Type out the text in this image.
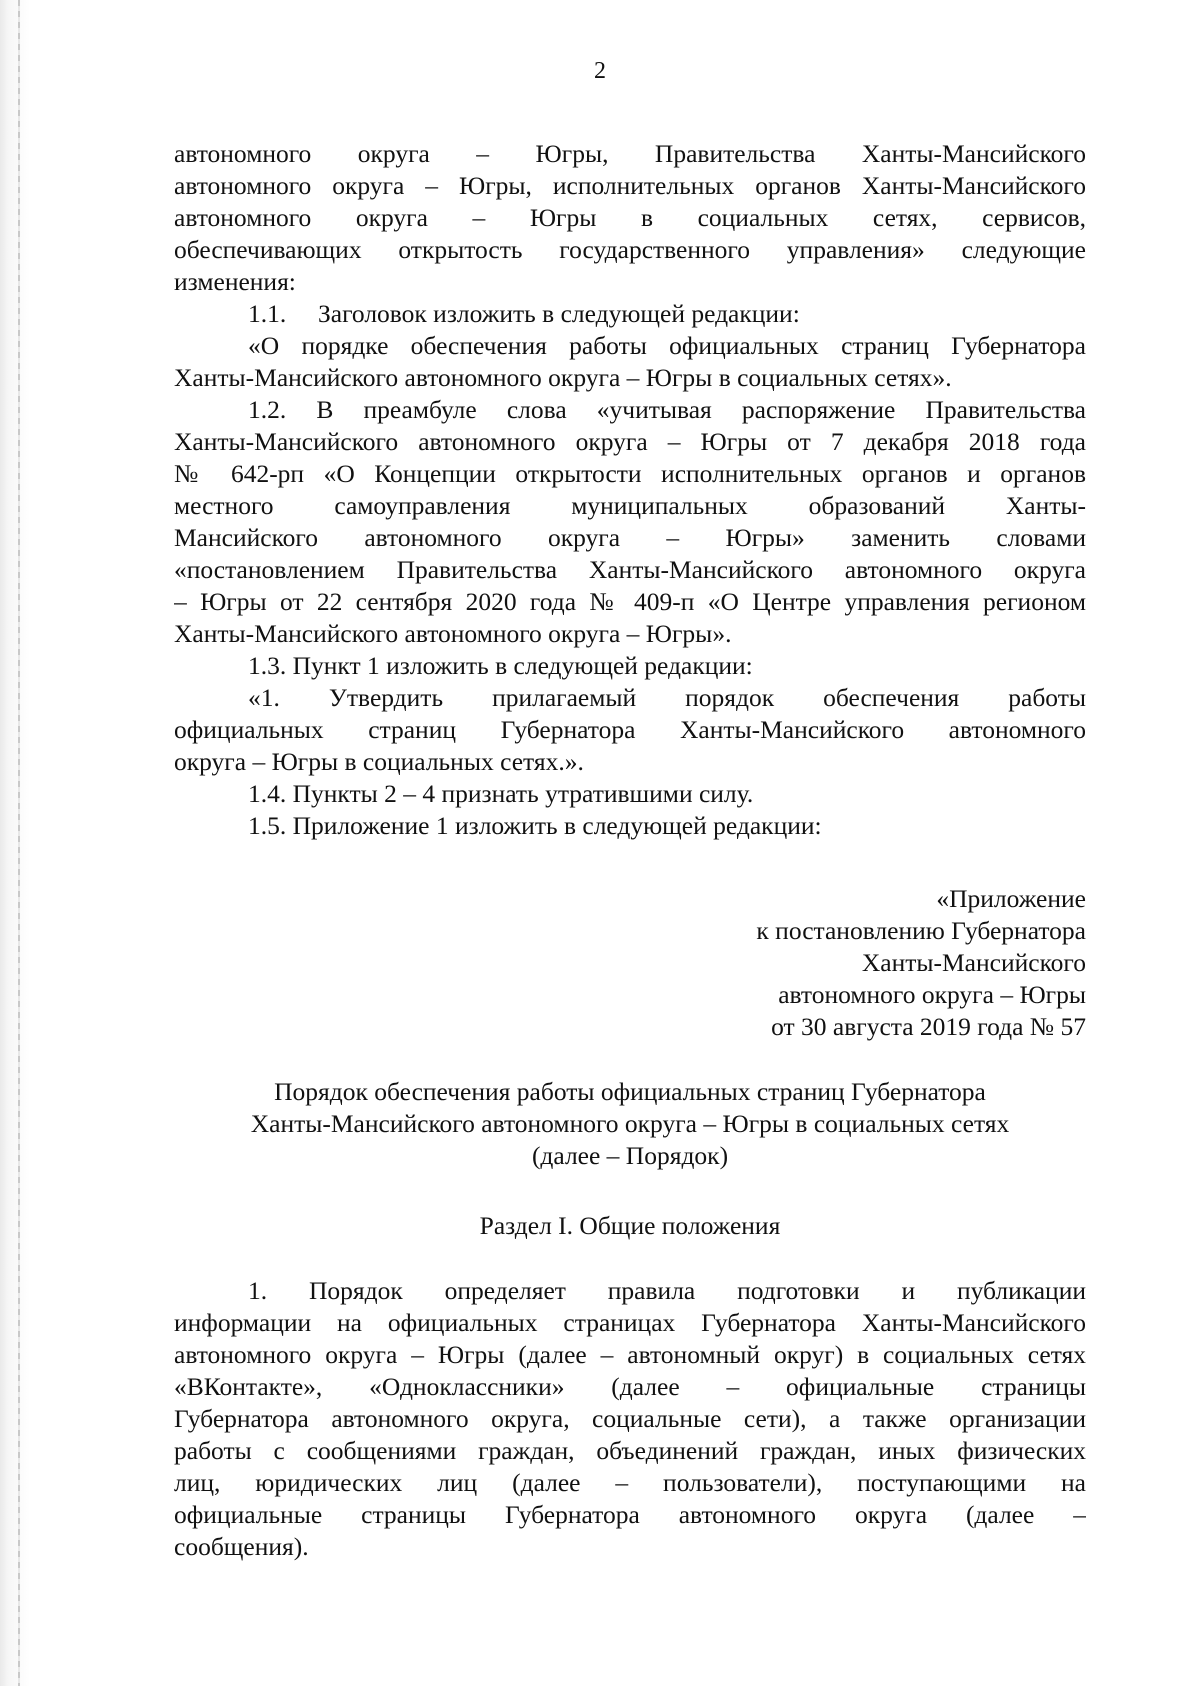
2

автономного округа – Югры, Правительства Ханты-Мансийского
автономного округа – Югры, исполнительных органов Ханты-Мансийского
автономного округа – Югры в социальных сетях, сервисов,
обеспечивающих открытость государственного управления» следующие
изменения:

1.1. Заголовок изложить в следующей редакции:
«О порядке обеспечения работы официальных страниц Губернатора
Ханты-Мансийского автономного округа – Югры в социальных сетях».

1.2. В преамбуле слова «учитывая распоряжение Правительства
Ханты-Мансийского автономного округа – Югры от 7 декабря 2018 года
№ 642-рп «О Концепции открытости исполнительных органов и органов
местного самоуправления муниципальных образований Ханты-
Мансийского автономного округа – Югры» заменить словами
«постановлением Правительства Ханты-Мансийского автономного округа
– Югры от 22 сентября 2020 года № 409-п «О Центре управления регионом
Ханты-Мансийского автономного округа – Югры».

1.3. Пункт 1 изложить в следующей редакции:
«1. Утвердить прилагаемый порядок обеспечения работы
официальных страниц Губернатора Ханты-Мансийского автономного
округа – Югры в социальных сетях.».

1.4. Пункты 2 – 4 признать утратившими силу.

1.5. Приложение 1 изложить в следующей редакции:

«Приложение
к постановлению Губернатора
Ханты-Мансийского
автономного округа – Югры
от 30 августа 2019 года № 57
Порядок обеспечения работы официальных страниц Губернатора
Ханты-Мансийского автономного округа – Югры в социальных сетях
(далее – Порядок)
Раздел I. Общие положения
1. Порядок определяет правила подготовки и публикации
информации на официальных страницах Губернатора Ханты-Мансийского
автономного округа – Югры (далее – автономный округ) в социальных сетях
«ВКонтакте», «Одноклассники» (далее – официальные страницы
Губернатора автономного округа, социальные сети), а также организации
работы с сообщениями граждан, объединений граждан, иных физических
лиц, юридических лиц (далее – пользователи), поступающими на
официальные страницы Губернатора автономного округа (далее –
сообщения).
